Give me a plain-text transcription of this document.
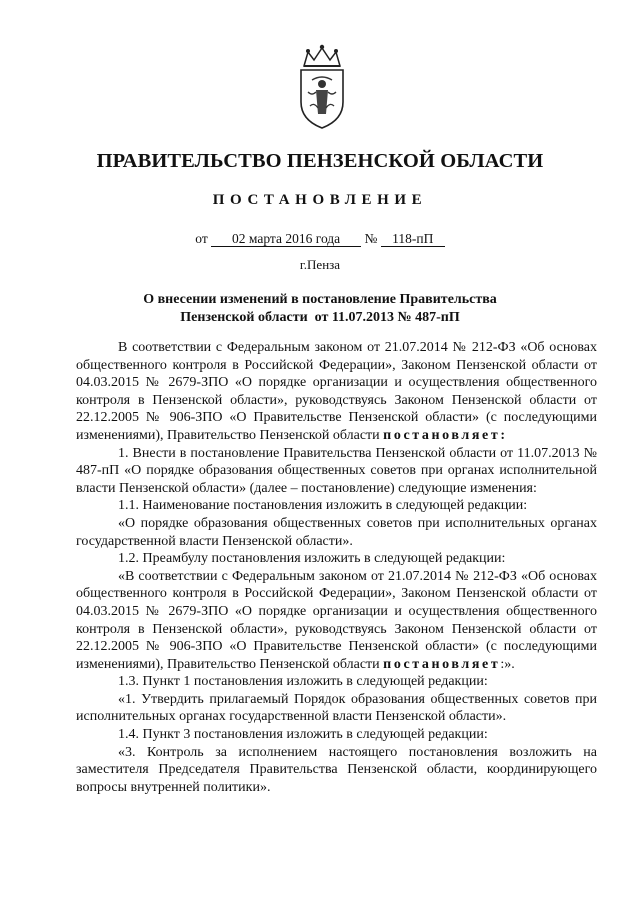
ПРАВИТЕЛЬСТВО ПЕНЗЕНСКОЙ ОБЛАСТИ
ПОСТАНОВЛЕНИЕ
от 02 марта 2016 года № 118-пП
г.Пенза
О внесении изменений в постановление Правительства
Пензенской области  от 11.07.2013 № 487-пП

В соответствии с Федеральным законом от 21.07.2014 № 212-ФЗ «Об основах общественного контроля в Российской Федерации», Законом Пензенской области от 04.03.2015 № 2679-ЗПО «О порядке организации и осуществления общественного контроля в Пензенской области», руководствуясь Законом Пензенской области от 22.12.2005 № 906-ЗПО «О Правительстве Пензенской области» (с последующими изменениями), Правительство Пензенской области постановляет:

1. Внести в постановление Правительства Пензенской области от 11.07.2013 № 487-пП «О порядке образования общественных советов при органах исполнительной власти Пензенской области» (далее – постановление) следующие изменения:

1.1. Наименование постановления изложить в следующей редакции:

«О порядке образования общественных советов при исполнительных органах государственной власти Пензенской области».

1.2. Преамбулу постановления изложить в следующей редакции:

«В соответствии с Федеральным законом от 21.07.2014 № 212-ФЗ «Об основах общественного контроля в Российской Федерации», Законом Пензенской области от 04.03.2015 № 2679-ЗПО «О порядке организации и осуществления общественного контроля в Пензенской области», руководствуясь Законом Пензенской области от 22.12.2005 № 906-ЗПО «О Правительстве Пензенской области» (с последующими изменениями), Правительство Пензенской области постановляет:».

1.3. Пункт 1 постановления изложить в следующей редакции:

«1. Утвердить прилагаемый Порядок образования общественных советов при исполнительных органах государственной власти Пензенской области».

1.4. Пункт 3 постановления изложить в следующей редакции:

«3. Контроль за исполнением настоящего постановления возложить на заместителя Председателя Правительства Пензенской области, координирующего вопросы внутренней политики».
